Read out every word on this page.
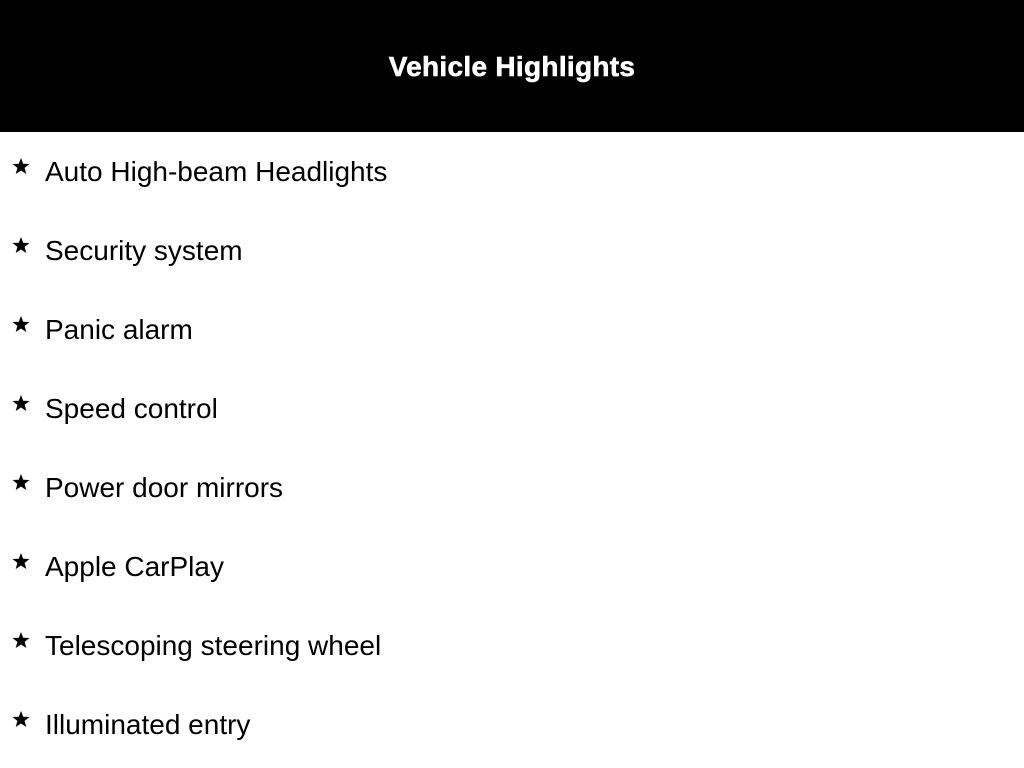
Vehicle Highlights
Auto High-beam Headlights
Security system
Panic alarm
Speed control
Power door mirrors
Apple CarPlay
Telescoping steering wheel
Illuminated entry
